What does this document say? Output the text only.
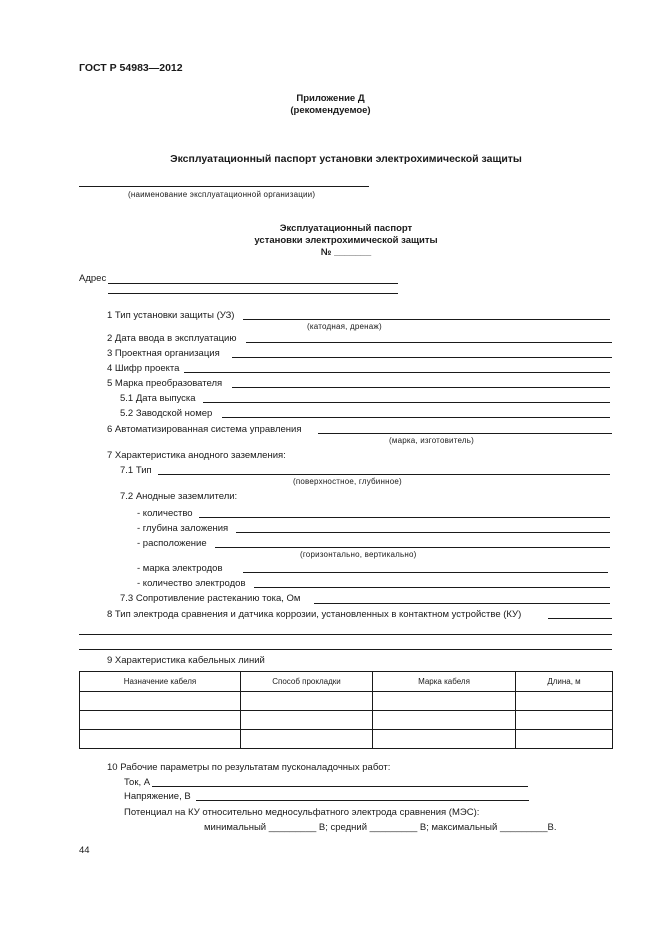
ГОСТ Р 54983—2012
Приложение Д
(рекомендуемое)
Эксплуатационный паспорт установки электрохимической защиты
(наименование эксплуатационной организации)
Эксплуатационный паспорт
установки электрохимической защиты
№ _______
Адрес
1 Тип установки защиты (УЗ)
(катодная, дренаж)
2 Дата ввода в эксплуатацию
3 Проектная организация
4 Шифр проекта
5 Марка преобразователя
5.1 Дата выпуска
5.2 Заводской номер
6 Автоматизированная система управления
(марка, изготовитель)
7 Характеристика анодного заземления:
7.1 Тип
(поверхностное, глубинное)
7.2 Анодные заземлители:
- количество
- глубина заложения
- расположение
(горизонтально, вертикально)
- марка электродов
- количество электродов
7.3 Сопротивление растеканию тока, Ом
8 Тип электрода сравнения и датчика коррозии, установленных в контактном устройстве (КУ)
9 Характеристика кабельных линий
Назначение кабеля	Способ прокладки	Марка кабеля	Длина, м

10 Рабочие параметры по результатам пусконаладочных работ:
Ток, А
Напряжение, В
Потенциал на КУ относительно медносульфатного электрода сравнения (МЭС):
минимальный _________ В; средний _________ В; максимальный _________В.
44
